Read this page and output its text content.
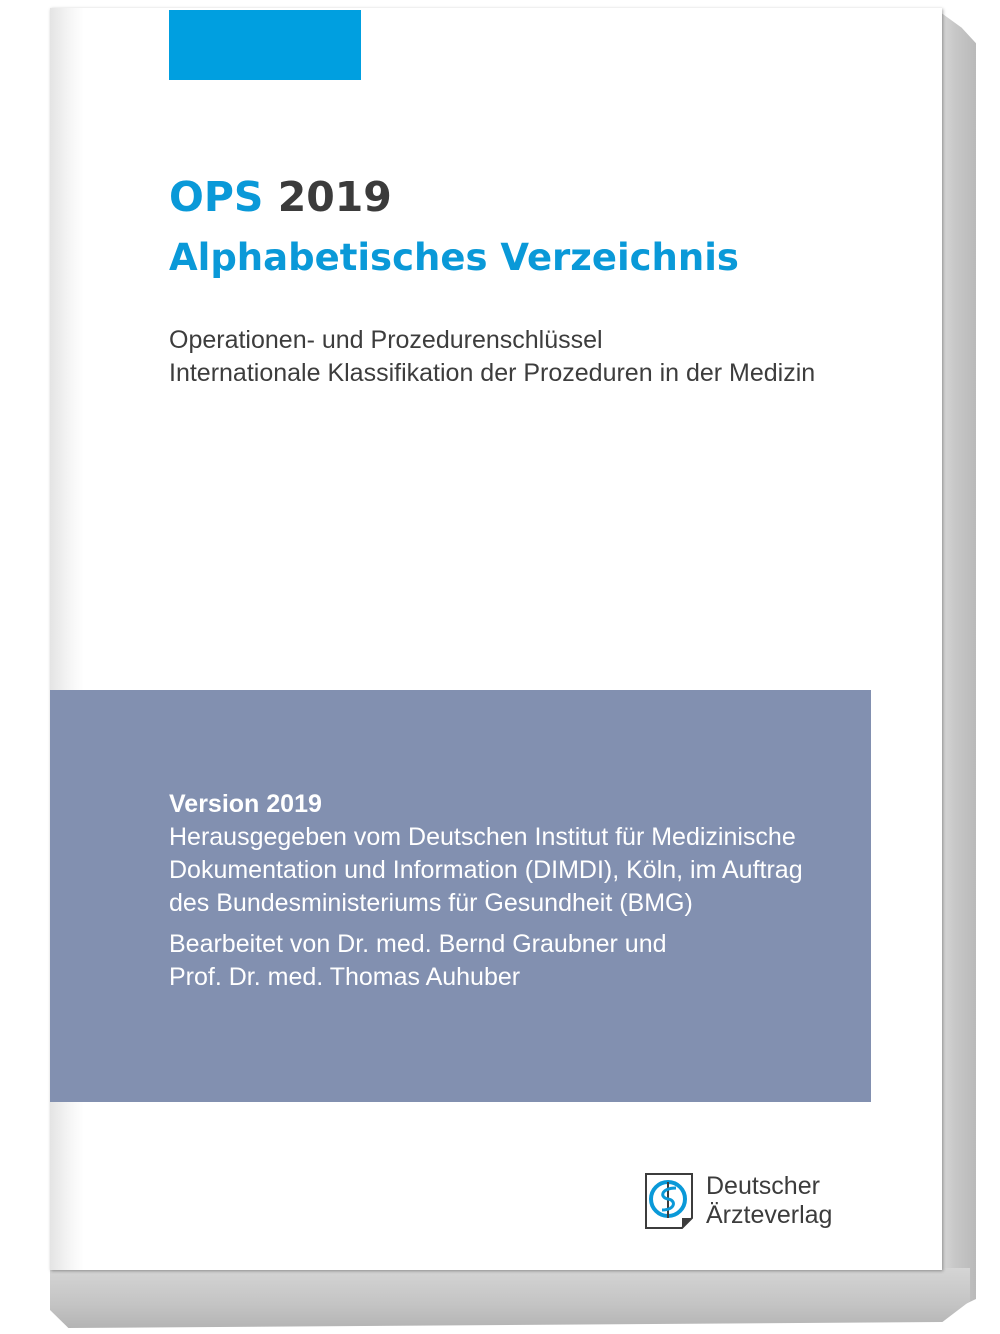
OPS 2019
Alphabetisches Verzeichnis
Operationen- und Prozedurenschlüssel
Internationale Klassifikation der Prozeduren in der Medizin
Version 2019
Herausgegeben vom Deutschen Institut für Medizinische
Dokumentation und Information (DIMDI), Köln, im Auftrag
des Bundesministeriums für Gesundheit (BMG)
Bearbeitet von Dr. med. Bernd Graubner und
Prof. Dr. med. Thomas Auhuber
Deutscher
Ärzteverlag
